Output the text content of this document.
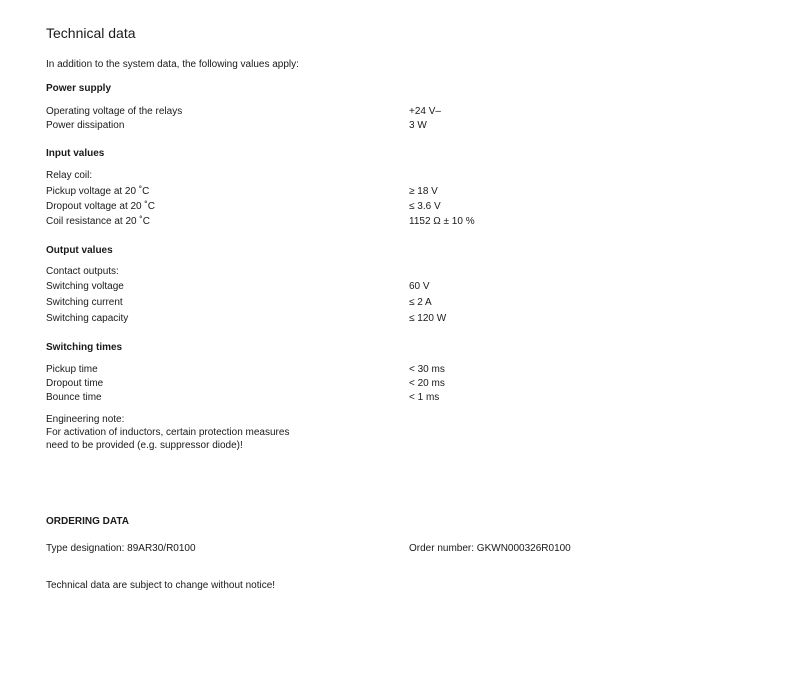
Technical data
In addition to the system data, the following values apply:
Power supply
Operating voltage of the relays	+24 V–
Power dissipation	3 W
Input values
Relay coil:
Pickup voltage at 20 ˚C	≥ 18 V
Dropout voltage at 20 ˚C	≤ 3.6 V
Coil resistance at 20 ˚C	1152 Ω ± 10 %
Output values
Contact outputs:
Switching voltage	60 V
Switching current	≤ 2 A
Switching capacity	≤ 120 W
Switching times
Pickup time	< 30 ms
Dropout time	< 20 ms
Bounce time	< 1 ms
Engineering note:
For activation of inductors, certain protection measures
need to be provided (e.g. suppressor diode)!
ORDERING DATA
Type designation: 89AR30/R0100	Order number: GKWN000326R0100
Technical data are subject to change without notice!
